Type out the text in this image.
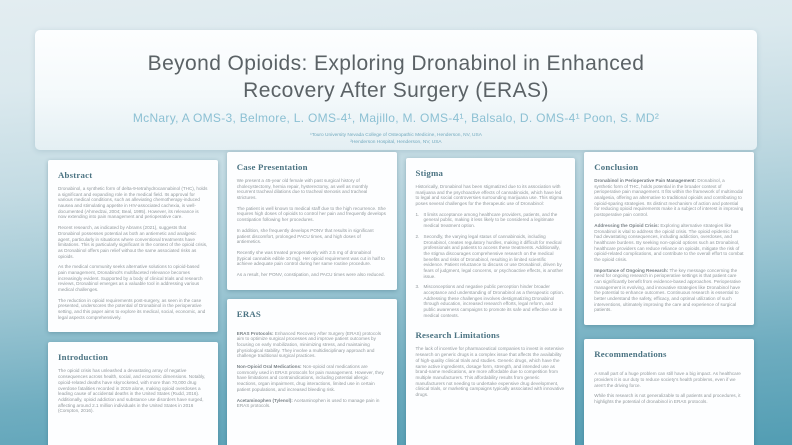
Beyond Opioids: Exploring Dronabinol in Enhanced Recovery After Surgery (ERAS)
McNary, A OMS-3, Belmore, L. OMS-4¹, Majillo, M. OMS-4¹, Balsalo, D. OMS-4¹ Poon, S. MD²
¹Touro University Nevada College of Osteopathic Medicine, Henderson, NV, USA
²Henderson Hospital, Henderson, NV, USA
Abstract

Dronabinol, a synthetic form of delta-9-tetrahydrocannabinol (THC), holds a significant and expanding role in the medical field. Its approval for various medical conditions, such as alleviating chemotherapy-induced nausea and stimulating appetite in HIV-associated cachexia, is well-documented (Ahmedzai, 2004; Beal, 1995). However, its relevance is now extending into pain management and perioperative care.

Recent research, as indicated by Abrams (2021), suggests that Dronabinol possesses potential as both an antiemetic and analgesic agent, particularly in situations where conventional treatments have limitations. This is particularly significant in the context of the opioid crisis, as Dronabinol offers pain relief without the same associated risks as opioids.

As the medical community seeks alternative solutions to opioid-based pain management, Dronabinol's multifaceted relevance becomes increasingly evident. Supported by a body of clinical trials and research reviews, Dronabinol emerges as a valuable tool in addressing various medical challenges.

The reduction in opioid requirements post-surgery, as seen in the case presented, underscores the potential of Dronabinol in the perioperative setting, and this paper aims to explore its medical, social, economic, and legal aspects comprehensively.

Introduction

The opioid crisis has unleashed a devastating array of negative consequences across health, social, and economic dimensions. Notably, opioid-related deaths have skyrocketed, with more than 70,000 drug overdose fatalities recorded in 2019 alone, making opioid overdoses a leading cause of accidental deaths in the United States (Rudd, 2016). Additionally, opioid addiction and substance use disorders have surged, affecting around 2.1 million individuals in the United States in 2016 (Compton, 2016).

Case Presentation

We present a 45-year old female with past surgical history of cholecystectomy, hernia repair, hysterectomy, as well as monthly recurrent tracheal dilations due to tracheal stenosis and tracheal strictures.

The patient is well known to medical staff due to the high recurrence. She requires high doses of opioids to control her pain and frequently develops constipation following her procedures.

In addition, she frequently develops PONV that results in significant patient discomfort, prolonged PACU times, and high doses of antiemetics.

Recently she was treated preoperatively with 2.5 mg of dronabinol (typical cannabis edible 10 mg). Her opioid requirement was cut in half to achieve adequate pain control during her same routine procedure.

As a result, her PONV, constipation, and PACU times were also reduced.

ERAS

ERAS Protocols: Enhanced Recovery After Surgery (ERAS) protocols aim to optimize surgical processes and improve patient outcomes by focusing on early mobilization, minimizing stress, and maintaining physiological stability. They involve a multidisciplinary approach and challenge traditional surgical practices.

Non-Opioid Oral Medications: Non-opioid oral medications are commonly used in ERAS protocols for pain management. However, they have limitations and contraindications, including potential allergic reactions, organ impairment, drug interactions, limited use in certain patient populations, and increased bleeding risk.

Acetaminophen (Tylenol): Acetaminophen is used to manage pain in ERAS protocols.

Stigma

Historically, Dronabinol has been stigmatized due to its association with marijuana and the psychoactive effects of cannabinoids, which have led to legal and social controversies surrounding marijuana use. This stigma poses several challenges for the therapeutic use of Dronabinol:

1. It limits acceptance among healthcare providers, patients, and the general public, making it less likely to be considered a legitimate medical treatment option.

2. Secondly, the varying legal status of cannabinoids, including Dronabinol, creates regulatory hurdles, making it difficult for medical professionals and patients to access these treatments. Additionally, the stigma discourages comprehensive research on the medical benefits and risks of Dronabinol, resulting in limited scientific evidence. Patient reluctance to discuss or use Dronabinol, driven by fears of judgment, legal concerns, or psychoactive effects, is another issue.

3. Misconceptions and negative public perception hinder broader acceptance and understanding of Dronabinol as a therapeutic option. Addressing these challenges involves destigmatizing Dronabinol through education, increased research efforts, legal reform, and public awareness campaigns to promote its safe and effective use in medical contexts.

Research Limitations

The lack of incentive for pharmaceutical companies to invest in extensive research on generic drugs is a complex issue that affects the availability of high-quality clinical trials and studies. Generic drugs, which have the same active ingredients, dosage form, strength, and intended use as brand-name medications, are more affordable due to competition from multiple manufacturers. This affordability results from generic manufacturers not needing to undertake expensive drug development, clinical trials, or marketing campaigns typically associated with innovative drugs.

Conclusion

Dronabinol in Perioperative Pain Management: Dronabinol, a synthetic form of THC, holds potential in the broader context of perioperative pain management. It fits within the framework of multimodal analgesia, offering an alternative to traditional opioids and contributing to opioid-sparing strategies. Its distinct mechanism of action and potential for reducing opioid requirements make it a subject of interest in improving postoperative pain control.

Addressing the Opioid Crisis: Exploring alternative strategies like Dronabinol is vital to address the opioid crisis. The opioid epidemic has had devastating consequences, including addiction, overdoses, and healthcare burdens. By seeking non-opioid options such as Dronabinol, healthcare providers can reduce reliance on opioids, mitigate the risk of opioid-related complications, and contribute to the overall effort to combat the opioid crisis.

Importance of Ongoing Research: The key message concerning the need for ongoing research in perioperative settings is that patient care can significantly benefit from evidence-based approaches. Perioperative management is evolving, and innovative strategies like Dronabinol have the potential to enhance outcomes. Continuous research is essential to better understand the safety, efficacy, and optimal utilization of such interventions, ultimately improving the care and experience of surgical patients.

Recommendations

A small part of a huge problem can still have a big impact. As healthcare providers it is our duty to reduce society's health problems, even if we aren't the driving force.

While this research is not generalizable to all patients and procedures, it highlights the potential of dronabinol in ERAS protocols.
